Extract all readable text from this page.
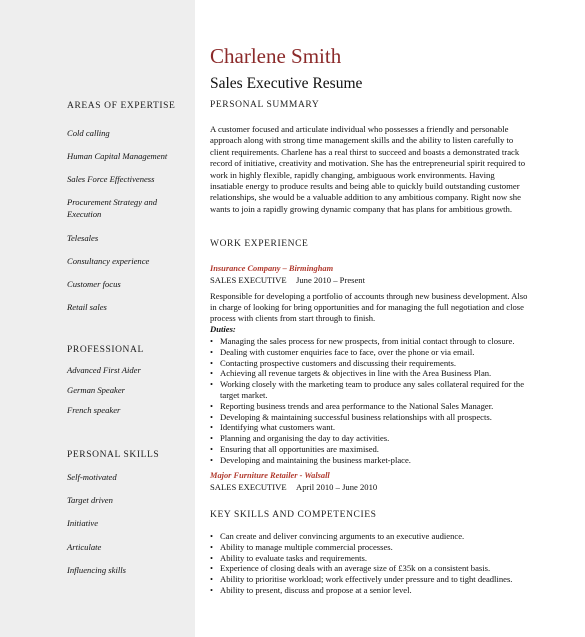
AREAS OF EXPERTISE
Cold calling
Human Capital Management
Sales Force Effectiveness
Procurement Strategy and Execution
Telesales
Consultancy experience
Customer focus
Retail sales
PROFESSIONAL
Advanced First Aider
German Speaker
French speaker
PERSONAL SKILLS
Self-motivated
Target driven
Initiative
Articulate
Influencing skills
Charlene Smith
Sales Executive Resume
PERSONAL SUMMARY
A customer focused and articulate individual who possesses a friendly and personable approach along with strong time management skills and the ability to listen carefully to client requirements. Charlene has a real thirst to succeed and boasts a demonstrated track record of initiative, creativity and motivation. She has the entrepreneurial spirit required to work in highly flexible, rapidly changing, ambiguous work environments. Having insatiable energy to produce results and being able to quickly build outstanding customer relationships, she would be a valuable addition to any ambitious company. Right now she wants to join a rapidly growing dynamic company that has plans for ambitious growth.
WORK EXPERIENCE
Insurance Company – Birmingham
SALES EXECUTIVE June 2010 – Present
Responsible for developing a portfolio of accounts through new business development. Also in charge of looking for bring opportunities and for managing the full negotiation and close process with clients from start through to finish.
Duties:
• Managing the sales process for new prospects, from initial contact through to closure.
• Dealing with customer enquiries face to face, over the phone or via email.
• Contacting prospective customers and discussing their requirements.
• Achieving all revenue targets & objectives in line with the Area Business Plan.
• Working closely with the marketing team to produce any sales collateral required for the target market.
• Reporting business trends and area performance to the National Sales Manager.
• Developing & maintaining successful business relationships with all prospects.
• Identifying what customers want.
• Planning and organising the day to day activities.
• Ensuring that all opportunities are maximised.
• Developing and maintaining the business market-place.
Major Furniture Retailer - Walsall
SALES EXECUTIVE April 2010 – June 2010
KEY SKILLS AND COMPETENCIES
• Can create and deliver convincing arguments to an executive audience.
• Ability to manage multiple commercial processes.
• Ability to evaluate tasks and requirements.
• Experience of closing deals with an average size of £35k on a consistent basis.
• Ability to prioritise workload; work effectively under pressure and to tight deadlines.
• Ability to present, discuss and propose at a senior level.
